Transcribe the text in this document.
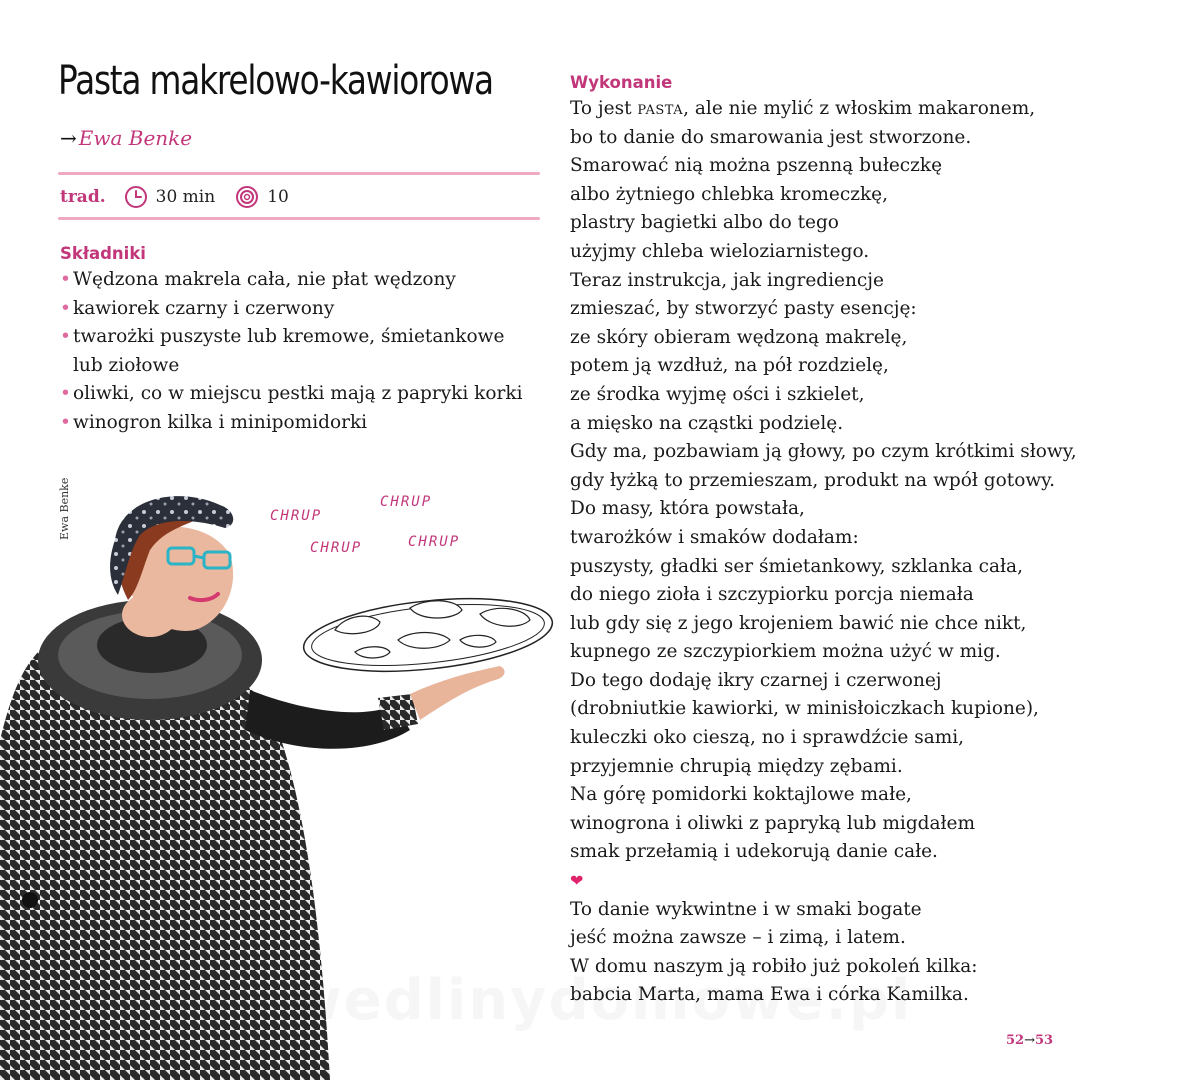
Pasta makrelowo-kawiorowa
→ Ewa Benke
trad.	30 min	10
Składniki
• Wędzona makrela cała, nie płat wędzony
• kawiorek czarny i czerwony
• twarożki puszyste lub kremowe, śmietankowe
lub ziołowe
• oliwki, co w miejscu pestki mają z papryki korki
• winogron kilka i minipomidorki
Ewa Benke	CHRUP
CHRUP
CHRUP	CHRUP
Wykonanie
To jest pasta, ale nie mylić z włoskim makaronem,
bo to danie do smarowania jest stworzone.
Smarować nią można pszenną bułeczkę
albo żytniego chlebka kromeczkę,
plastry bagietki albo do tego
użyjmy chleba wieloziarnistego.
Teraz instrukcja, jak ingrediencje
zmieszać, by stworzyć pasty esencję:
ze skóry obieram wędzoną makrelę,
potem ją wzdłuż, na pół rozdzielę,
ze środka wyjmę ości i szkielet,
a mięsko na cząstki podzielę.
Gdy ma, pozbawiam ją głowy, po czym krótkimi słowy,
gdy łyżką to przemieszam, produkt na wpół gotowy.
Do masy, która powstała,
twarożków i smaków dodałam:
puszysty, gładki ser śmietankowy, szklanka cała,
do niego zioła i szczypiorku porcja niemała
lub gdy się z jego krojeniem bawić nie chce nikt,
kupnego ze szczypiorkiem można użyć w mig.
Do tego dodaję ikry czarnej i czerwonej
(drobniutkie kawiorki, w minisłoiczkach kupione),
kuleczki oko cieszą, no i sprawdźcie sami,
przyjemnie chrupią między zębami.
Na górę pomidorki koktajlowe małe,
winogrona i oliwki z papryką lub migdałem
smak przełamią i udekorują danie całe.
❤
To danie wykwintne i w smaki bogate
jeść można zawsze – i zimą, i latem.
W domu naszym ją robiło już pokoleń kilka:
babcia Marta, mama Ewa i córka Kamilka.
52→53
